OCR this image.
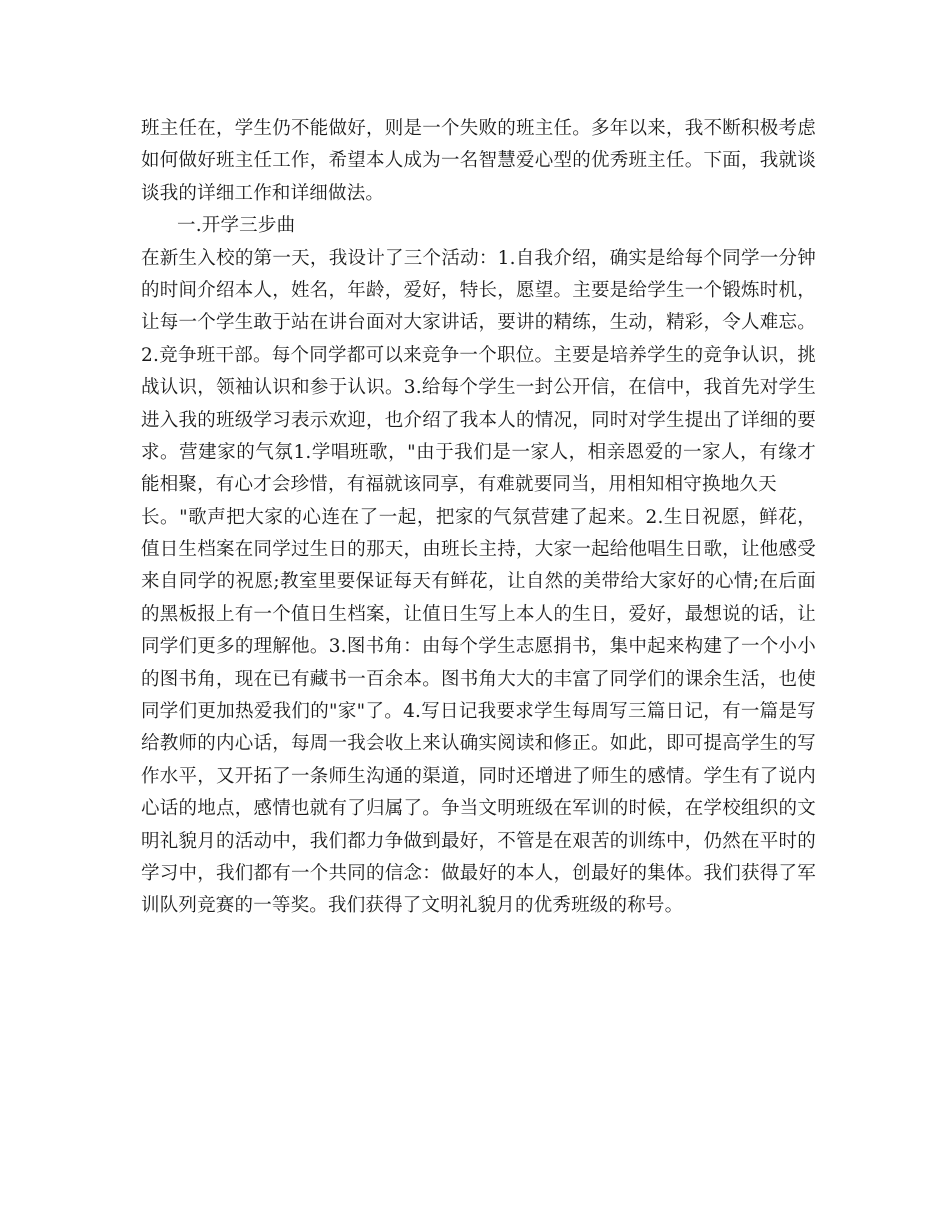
班主任在，学生仍不能做好，则是一个失败的班主任。多年以来，我不断积极考虑
如何做好班主任工作，希望本人成为一名智慧爱心型的优秀班主任。下面，我就谈
谈我的详细工作和详细做法。
一.开学三步曲
在新生入校的第一天，我设计了三个活动：1.自我介绍，确实是给每个同学一分钟
的时间介绍本人，姓名，年龄，爱好，特长，愿望。主要是给学生一个锻炼时机，
让每一个学生敢于站在讲台面对大家讲话，要讲的精练，生动，精彩，令人难忘。
2.竞争班干部。每个同学都可以来竞争一个职位。主要是培养学生的竞争认识，挑
战认识，领袖认识和参于认识。3.给每个学生一封公开信，在信中，我首先对学生
进入我的班级学习表示欢迎，也介绍了我本人的情况，同时对学生提出了详细的要
求。营建家的气氛1.学唱班歌，"由于我们是一家人，相亲恩爱的一家人，有缘才
能相聚，有心才会珍惜，有福就该同享，有难就要同当，用相知相守换地久天
长。"歌声把大家的心连在了一起，把家的气氛营建了起来。2.生日祝愿，鲜花，
值日生档案在同学过生日的那天，由班长主持，大家一起给他唱生日歌，让他感受
来自同学的祝愿;教室里要保证每天有鲜花，让自然的美带给大家好的心情;在后面
的黑板报上有一个值日生档案，让值日生写上本人的生日，爱好，最想说的话，让
同学们更多的理解他。3.图书角：由每个学生志愿捐书，集中起来构建了一个小小
的图书角，现在已有藏书一百余本。图书角大大的丰富了同学们的课余生活，也使
同学们更加热爱我们的"家"了。4.写日记我要求学生每周写三篇日记，有一篇是写
给教师的内心话，每周一我会收上来认确实阅读和修正。如此，即可提高学生的写
作水平，又开拓了一条师生沟通的渠道，同时还增进了师生的感情。学生有了说内
心话的地点，感情也就有了归属了。争当文明班级在军训的时候，在学校组织的文
明礼貌月的活动中，我们都力争做到最好，不管是在艰苦的训练中，仍然在平时的
学习中，我们都有一个共同的信念：做最好的本人，创最好的集体。我们获得了军
训队列竞赛的一等奖。我们获得了文明礼貌月的优秀班级的称号。
